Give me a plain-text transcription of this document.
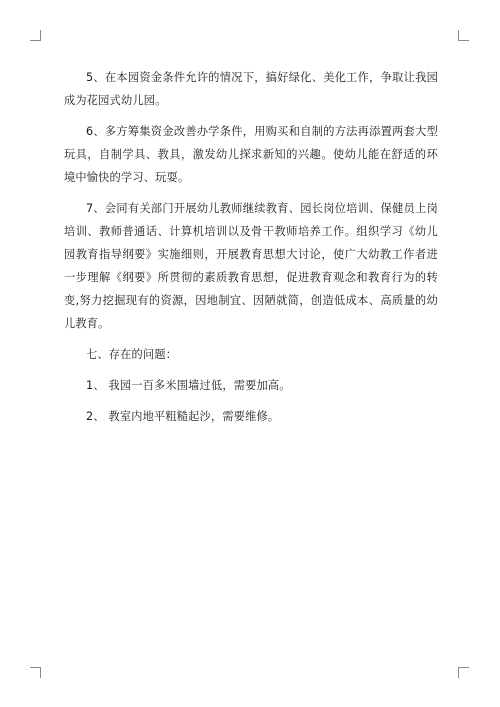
5、在本园资金条件允许的情况下，搞好绿化、美化工作，争取让我园成为花园式幼儿园。

6、多方筹集资金改善办学条件，用购买和自制的方法再添置两套大型玩具，自制学具、教具，激发幼儿探求新知的兴趣。使幼儿能在舒适的环境中愉快的学习、玩耍。

7、会同有关部门开展幼儿教师继续教育、园长岗位培训、保健员上岗培训、教师普通话、计算机培训以及骨干教师培养工作。组织学习《幼儿园教育指导纲要》实施细则，开展教育思想大讨论，使广大幼教工作者进一步理解《纲要》所贯彻的素质教育思想，促进教育观念和教育行为的转变,努力挖掘现有的资源，因地制宜、因陋就简，创造低成本、高质量的幼儿教育。

七、存在的问题：

1、 我园一百多米围墙过低，需要加高。

2、 教室内地平粗糙起沙，需要维修。
